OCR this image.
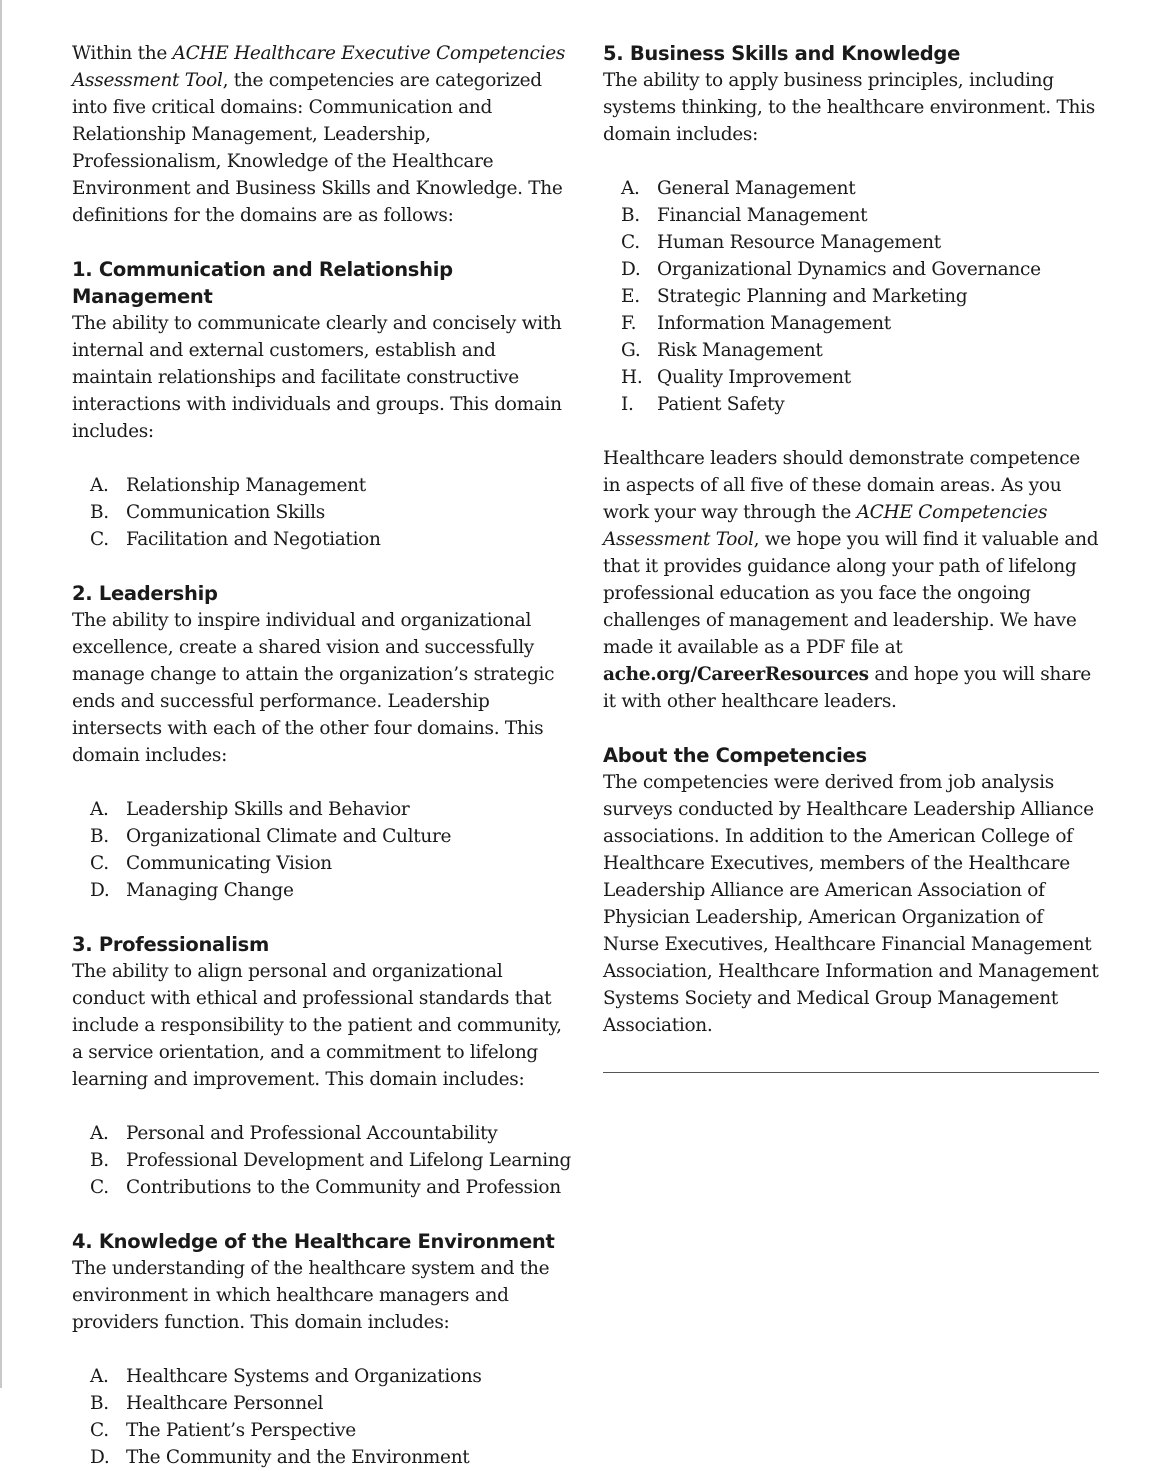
Within the ACHE Healthcare Executive Competencies Assessment Tool, the competencies are categorized into five critical domains: Communication and Relationship Management, Leadership, Professionalism, Knowledge of the Healthcare Environment and Business Skills and Knowledge. The definitions for the domains are as follows:

1. Communication and Relationship Management

The ability to communicate clearly and concisely with internal and external customers, establish and maintain relationships and facilitate constructive interactions with individuals and groups. This domain includes:

A. Relationship Management
B. Communication Skills
C. Facilitation and Negotiation
2. Leadership

The ability to inspire individual and organizational excellence, create a shared vision and successfully manage change to attain the organization’s strategic ends and successful performance. Leadership intersects with each of the other four domains. This domain includes:

A. Leadership Skills and Behavior
B. Organizational Climate and Culture
C. Communicating Vision
D. Managing Change
3. Professionalism

The ability to align personal and organizational conduct with ethical and professional standards that include a responsibility to the patient and community, a service orientation, and a commitment to lifelong learning and improvement. This domain includes:

A. Personal and Professional Accountability
B. Professional Development and Lifelong Learning
C. Contributions to the Community and Profession
4. Knowledge of the Healthcare Environment

The understanding of the healthcare system and the environment in which healthcare managers and providers function. This domain includes:

A. Healthcare Systems and Organizations
B. Healthcare Personnel
C. The Patient’s Perspective
D. The Community and the Environment
5. Business Skills and Knowledge

The ability to apply business principles, including systems thinking, to the healthcare environment. This domain includes:

A. General Management
B. Financial Management
C. Human Resource Management
D. Organizational Dynamics and Governance
E. Strategic Planning and Marketing
F.	Information Management
G. Risk Management
H. Quality Improvement
I.	Patient Safety

Healthcare leaders should demonstrate competence in aspects of all five of these domain areas. As you work your way through the ACHE Competencies Assessment Tool, we hope you will find it valuable and that it provides guidance along your path of lifelong professional education as you face the ongoing challenges of management and leadership. We have made it available as a PDF file at ache.org/CareerResources and hope you will share it with other healthcare leaders.

About the Competencies

The competencies were derived from job analysis surveys conducted by Healthcare Leadership Alliance associations. In addition to the American College of Healthcare Executives, members of the Healthcare Leadership Alliance are American Association of Physician Leadership, American Organization of Nurse Executives, Healthcare Financial Management Association, Healthcare Information and Management Systems Society and Medical Group Management Association.
